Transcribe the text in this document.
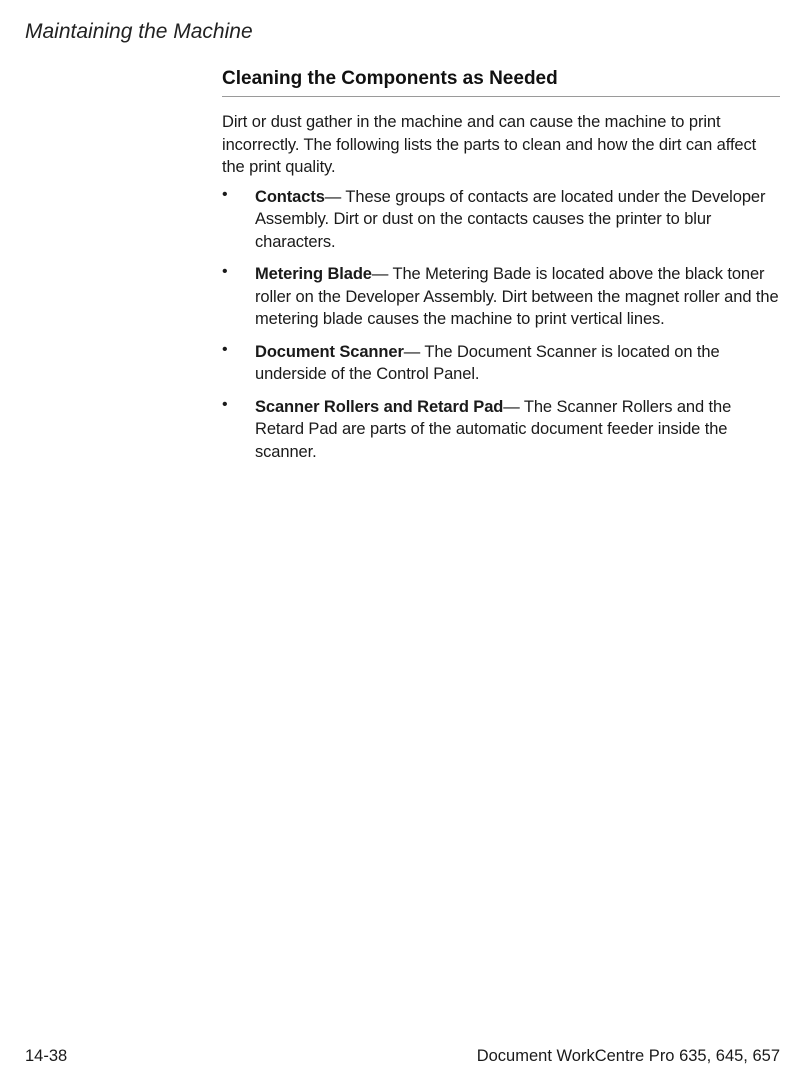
Maintaining the Machine
Cleaning the Components as Needed

Dirt or dust gather in the machine and can cause the machine to print incorrectly. The following lists the parts to clean and how the dirt can affect the print quality.

• Contacts— These groups of contacts are located under the Developer Assembly. Dirt or dust on the contacts causes the printer to blur characters.
• Metering Blade— The Metering Bade is located above the black toner roller on the Developer Assembly. Dirt between the magnet roller and the metering blade causes the machine to print vertical lines.
• Document Scanner— The Document Scanner is located on the underside of the Control Panel.
• Scanner Rollers and Retard Pad— The Scanner Rollers and the Retard Pad are parts of the automatic document feeder inside the scanner.
14-38	Document WorkCentre Pro 635, 645, 657
